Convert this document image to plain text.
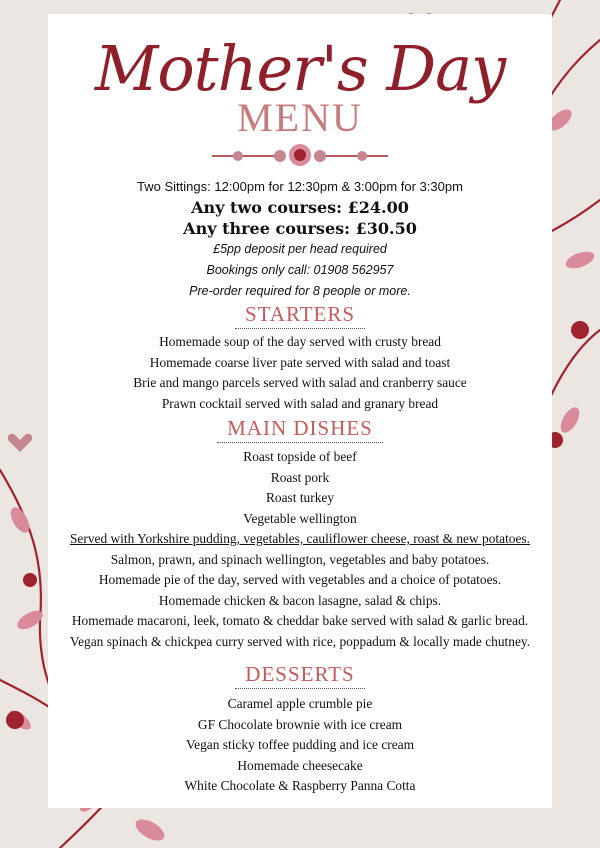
Mother's Day
MENU
Two Sittings: 12:00pm for 12:30pm & 3:00pm for 3:30pm
Any two courses: £24.00
Any three courses: £30.50
£5pp deposit per head required
Bookings only call: 01908 562957
Pre-order required for 8 people or more.
STARTERS
Homemade soup of the day served with crusty bread
Homemade coarse liver pate served with salad and toast
Brie and mango parcels served with salad and cranberry sauce
Prawn cocktail served with salad and granary bread
MAIN DISHES
Roast topside of beef
Roast pork
Roast turkey
Vegetable wellington
Served with Yorkshire pudding, vegetables, cauliflower cheese, roast & new potatoes.
Salmon, prawn, and spinach wellington, vegetables and baby potatoes.
Homemade pie of the day, served with vegetables and a choice of potatoes.
Homemade chicken & bacon lasagne, salad & chips.
Homemade macaroni, leek, tomato & cheddar bake served with salad & garlic bread.
Vegan spinach & chickpea curry served with rice, poppadum & locally made chutney.
DESSERTS
Caramel apple crumble pie
GF Chocolate brownie with ice cream
Vegan sticky toffee pudding and ice cream
Homemade cheesecake
White Chocolate & Raspberry Panna Cotta
